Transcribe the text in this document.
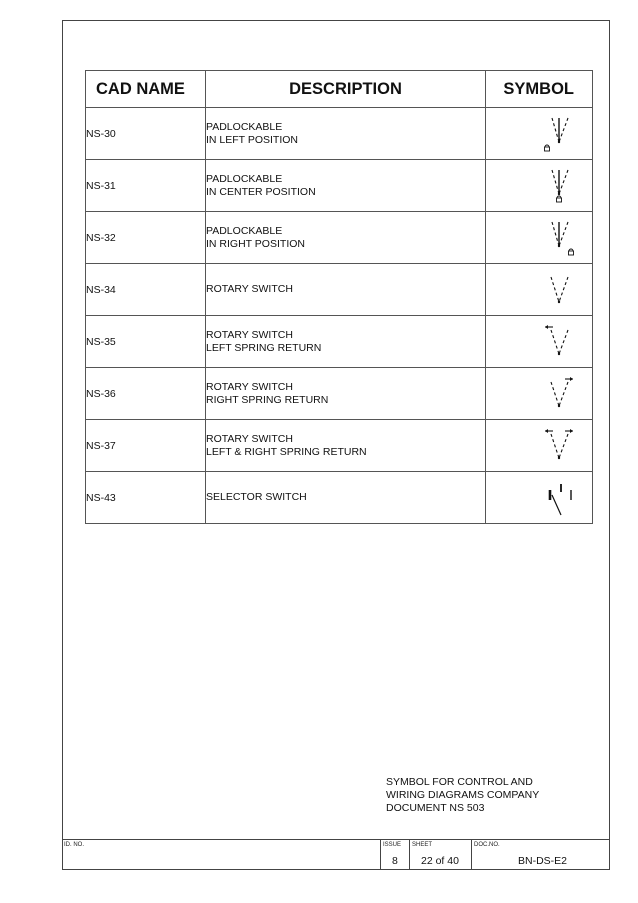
CAD NAME	DESCRIPTION	SYMBOL
NS-30	PADLOCKABLE
IN LEFT POSITION

NS-31	PADLOCKABLE
IN CENTER POSITION

NS-32	PADLOCKABLE
IN RIGHT POSITION

NS-34	ROTARY SWITCH

NS-35	ROTARY SWITCH
LEFT SPRING RETURN

NS-36	ROTARY SWITCH
RIGHT SPRING RETURN

NS-37	ROTARY SWITCH
LEFT & RIGHT SPRING RETURN

NS-43	SELECTOR SWITCH

SYMBOL FOR CONTROL AND
WIRING DIAGRAMS COMPANY
DOCUMENT NS 503
ID. NO.	ISSUE
8
SHEET
22 of 40
DOC.NO.
BN-DS-E2
